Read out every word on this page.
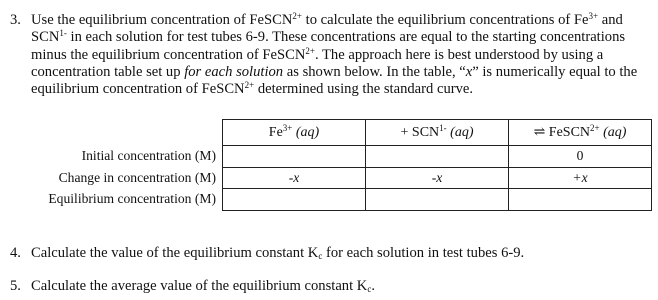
3. Use the equilibrium concentration of FeSCN$^{2+}$ to calculate the equilibrium concentrations of $Fe^{3+}$ and
$SCN^{1-}$ in each solution for test tubes 6-9. These concentrations are equal to the starting concentrations
minus the equilibrium concentration of FeSCN$^{2+}$. The approach here is best understood by using a
concentration table set up for each solution as shown below. In the table, “x” is numerically equal to the
equilibrium concentration of FeSCN$^{2+}$ determined using the standard curve.
	$Fe^{3+}$ (aq)	+ $SCN^{1-}$ (aq)	⇌ FeSCN$^{2+}$ (aq)
Initial concentration (M)			0
Change in concentration (M)	-x	-x	+x
Equilibrium concentration (M)			
4. Calculate the value of the equilibrium constant $K_c$ for each solution in test tubes 6-9.
5. Calculate the average value of the equilibrium constant $K_c$.
